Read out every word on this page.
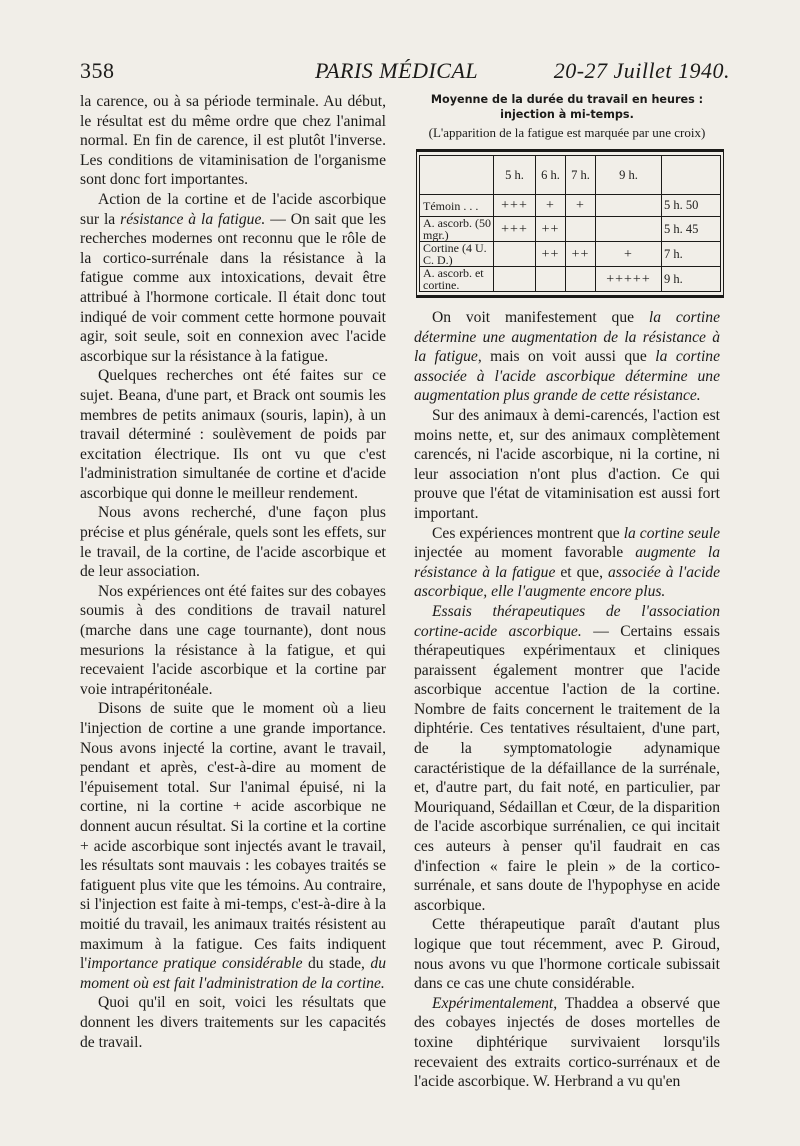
358	PARIS MÉDICAL	20-27 Juillet 1940.

la carence, ou à sa période terminale. Au début, le résultat est du même ordre que chez l'animal normal. En fin de carence, il est plutôt l'inverse. Les conditions de vitaminisation de l'organisme sont donc fort importantes.

Action de la cortine et de l'acide ascorbique sur la résistance à la fatigue. — On sait que les recherches modernes ont reconnu que le rôle de la cortico-surrénale dans la résistance à la fatigue comme aux intoxications, devait être attribué à l'hormone corticale. Il était donc tout indiqué de voir comment cette hormone pouvait agir, soit seule, soit en connexion avec l'acide ascorbique sur la résistance à la fatigue.

Quelques recherches ont été faites sur ce sujet. Beana, d'une part, et Brack ont soumis les membres de petits animaux (souris, lapin), à un travail déterminé : soulèvement de poids par excitation électrique. Ils ont vu que c'est l'administration simultanée de cortine et d'acide ascorbique qui donne le meilleur rendement.

Nous avons recherché, d'une façon plus précise et plus générale, quels sont les effets, sur le travail, de la cortine, de l'acide ascorbique et de leur association.

Nos expériences ont été faites sur des cobayes soumis à des conditions de travail naturel (marche dans une cage tournante), dont nous mesurions la résistance à la fatigue, et qui recevaient l'acide ascorbique et la cortine par voie intrapéritonéale.

Disons de suite que le moment où a lieu l'injection de cortine a une grande importance. Nous avons injecté la cortine, avant le travail, pendant et après, c'est-à-dire au moment de l'épuisement total. Sur l'animal épuisé, ni la cortine, ni la cortine + acide ascorbique ne donnent aucun résultat. Si la cortine et la cortine + acide ascorbique sont injectés avant le travail, les résultats sont mauvais : les cobayes traités se fatiguent plus vite que les témoins. Au contraire, si l'injection est faite à mi-temps, c'est-à-dire à la moitié du travail, les animaux traités résistent au maximum à la fatigue. Ces faits indiquent l'importance pratique considérable du stade, du moment où est fait l'administration de la cortine.

Quoi qu'il en soit, voici les résultats que donnent les divers traitements sur les capacités de travail.

Moyenne de la durée du travail en heures :
injection à mi-temps.
(L'apparition de la fatigue est marquée par une croix)
	5 h.	6 h.	7 h.	9 h.	
Témoin . . .	+++	+	+		5 h. 50
A. ascorb. (50 mgr.)	+++	++			5 h. 45
Cortine (4 U. C. D.)		++	++	+	7 h.
A. ascorb. et cortine.				+++++	9 h.

On voit manifestement que la cortine détermine une augmentation de la résistance à la fatigue, mais on voit aussi que la cortine associée à l'acide ascorbique détermine une augmentation plus grande de cette résistance.

Sur des animaux à demi-carencés, l'action est moins nette, et, sur des animaux complètement carencés, ni l'acide ascorbique, ni la cortine, ni leur association n'ont plus d'action. Ce qui prouve que l'état de vitaminisation est aussi fort important.

Ces expériences montrent que la cortine seule injectée au moment favorable augmente la résistance à la fatigue et que, associée à l'acide ascorbique, elle l'augmente encore plus.

Essais thérapeutiques de l'association cortine-acide ascorbique. — Certains essais thérapeutiques expérimentaux et cliniques paraissent également montrer que l'acide ascorbique accentue l'action de la cortine. Nombre de faits concernent le traitement de la diphtérie. Ces tentatives résultaient, d'une part, de la symptomatologie adynamique caractéristique de la défaillance de la surrénale, et, d'autre part, du fait noté, en particulier, par Mouriquand, Sédaillan et Cœur, de la disparition de l'acide ascorbique surrénalien, ce qui incitait ces auteurs à penser qu'il faudrait en cas d'infection « faire le plein » de la cortico-surrénale, et sans doute de l'hypophyse en acide ascorbique.

Cette thérapeutique paraît d'autant plus logique que tout récemment, avec P. Giroud, nous avons vu que l'hormone corticale subissait dans ce cas une chute considérable.

Expérimentalement, Thaddea a observé que des cobayes injectés de doses mortelles de toxine diphtérique survivaient lorsqu'ils recevaient des extraits cortico-surrénaux et de l'acide ascorbique. W. Herbrand a vu qu'en
